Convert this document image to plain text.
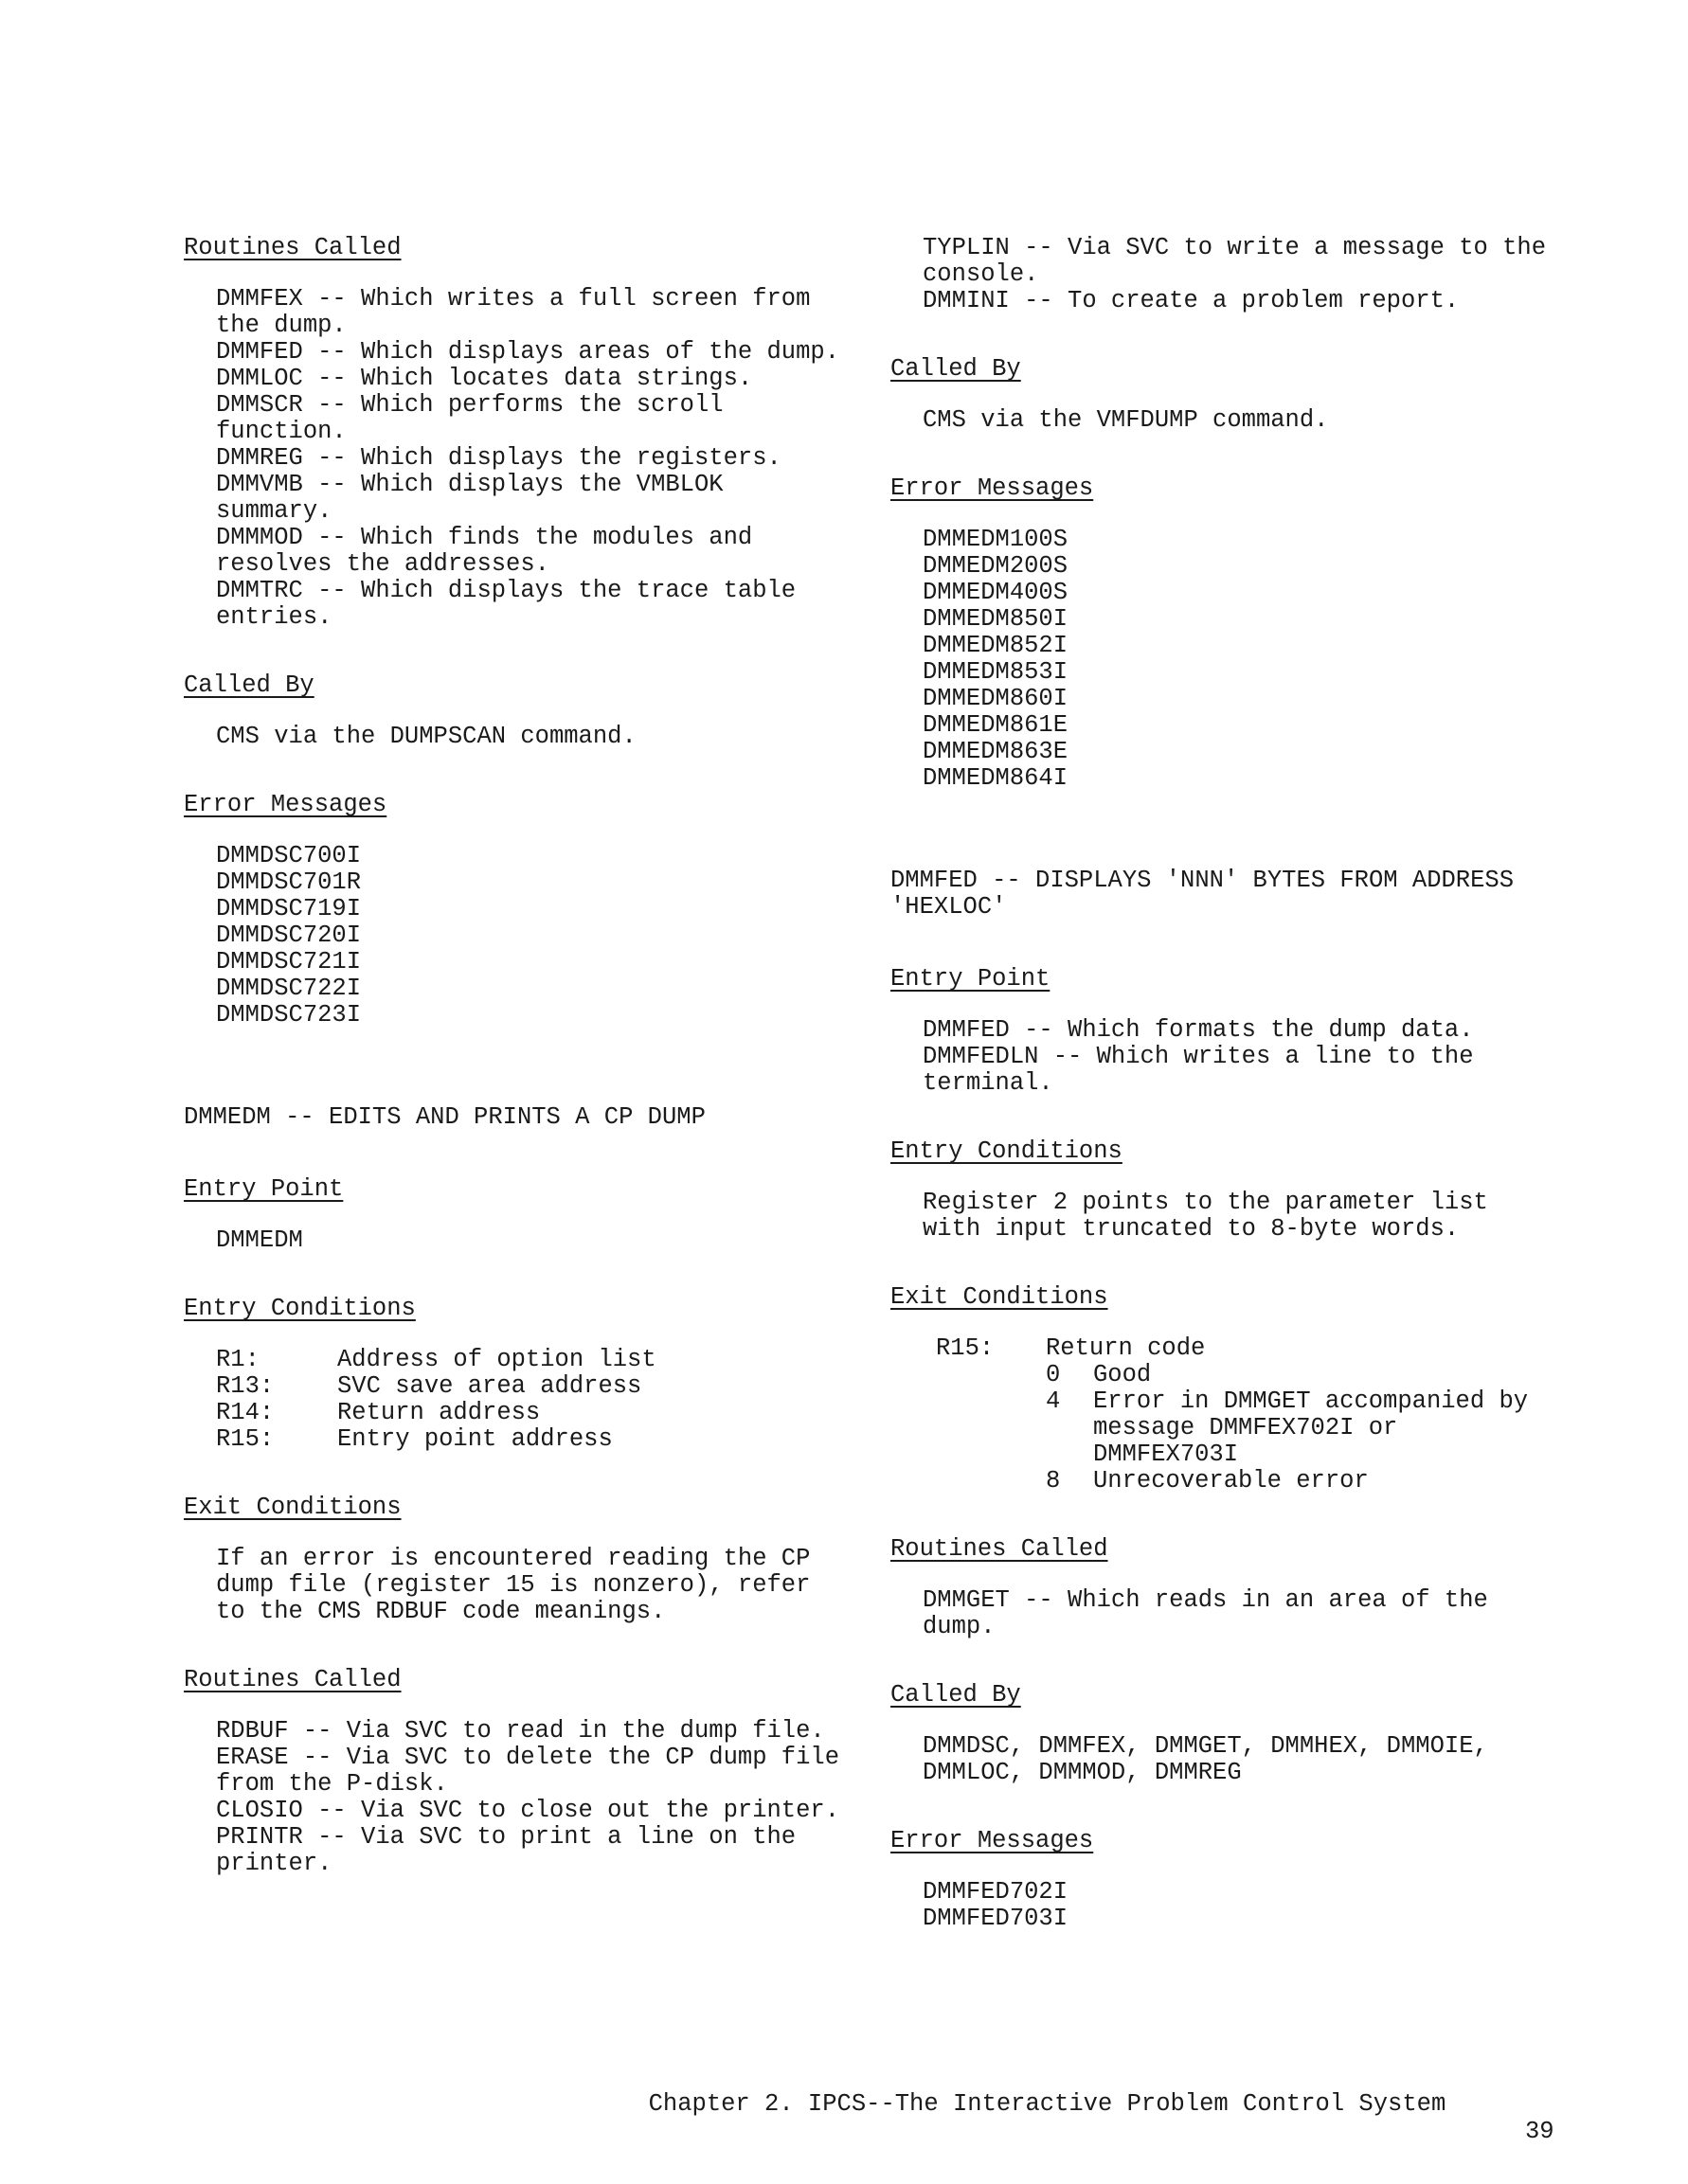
Routines Called
DMMFEX -- Which writes a full screen from the dump.
DMMFED -- Which displays areas of the dump.
DMMLOC -- Which locates data strings.
DMMSCR -- Which performs the scroll function.
DMMREG -- Which displays the registers.
DMMVMB -- Which displays the VMBLOK summary.
DMMMOD -- Which finds the modules and resolves the addresses.
DMMTRC -- Which displays the trace table entries.
Called By
CMS via the DUMPSCAN command.
Error Messages
DMMDSC700I
DMMDSC701R
DMMDSC719I
DMMDSC720I
DMMDSC721I
DMMDSC722I
DMMDSC723I
DMMEDM -- EDITS AND PRINTS A CP DUMP
Entry Point
DMMEDM
Entry Conditions
R1:	Address of option list
R13:	SVC save area address
R14:	Return address
R15:	Entry point address
Exit Conditions
If an error is encountered reading the CP dump file (register 15 is nonzero), refer to the CMS RDBUF code meanings.
Routines Called
RDBUF -- Via SVC to read in the dump file.
ERASE -- Via SVC to delete the CP dump file from the P-disk.
CLOSIO -- Via SVC to close out the printer.
PRINTR -- Via SVC to print a line on the printer.
TYPLIN -- Via SVC to write a message to the console.
DMMINI -- To create a problem report.
Called By
CMS via the VMFDUMP command.
Error Messages
DMMEDM100S
DMMEDM200S
DMMEDM400S
DMMEDM850I
DMMEDM852I
DMMEDM853I
DMMEDM860I
DMMEDM861E
DMMEDM863E
DMMEDM864I
DMMFED -- DISPLAYS 'NNN' BYTES FROM ADDRESS 'HEXLOC'
Entry Point
DMMFED -- Which formats the dump data.
DMMFEDLN -- Which writes a line to the terminal.
Entry Conditions
Register 2 points to the parameter list with input truncated to 8-byte words.
Exit Conditions
R15:	Return code
0	Good
4	Error in DMMGET accompanied by message DMMFEX702I or DMMFEX703I
8	Unrecoverable error
Routines Called
DMMGET -- Which reads in an area of the dump.
Called By
DMMDSC, DMMFEX, DMMGET, DMMHEX, DMMOIE, DMMLOC, DMMMOD, DMMREG
Error Messages
DMMFED702I
DMMFED703I

Chapter 2. IPCS--The Interactive Problem Control System

39
